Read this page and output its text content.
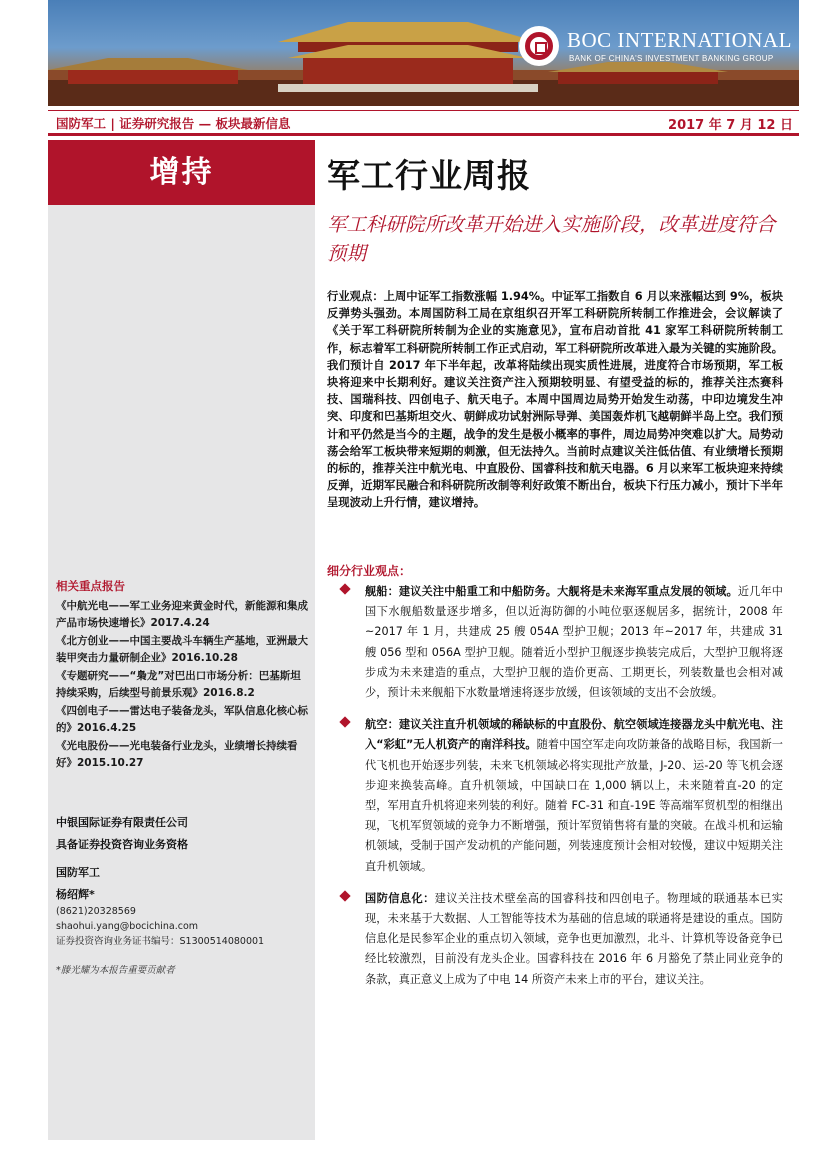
BOC INTERNATIONAL
BANK OF CHINA'S INVESTMENT BANKING GROUP
国防军工 | 证券研究报告 — 板块最新信息	2017 年 7 月 12 日
增持
相关重点报告
《中航光电——军工业务迎来黄金时代，新能源和集成产品市场快速增长》2017.4.24
《北方创业——中国主要战斗车辆生产基地，亚洲最大装甲突击力量研制企业》2016.10.28
《专题研究——“梟龙”对巴出口市场分析：巴基斯坦持续采购，后续型号前景乐观》2016.8.2
《四创电子——雷达电子装备龙头，军队信息化核心标的》2016.4.25
《光电股份——光电装备行业龙头，业绩增长持续看好》2015.10.27
中银国际证券有限责任公司
具备证券投资咨询业务资格
国防军工
杨绍辉*
(8621)20328569
shaohui.yang@bocichina.com
证券投资咨询业务证书编号：S1300514080001
*滕光耀为本报告重要贡献者
军工行业周报
军工科研院所改革开始进入实施阶段，改革进度符合预期
行业观点：上周中证军工指数涨幅 1.94%。中证军工指数自 6 月以来涨幅达到 9%，板块反弹势头强劲。本周国防科工局在京组织召开军工科研院所转制工作推进会，会议解读了《关于军工科研院所转制为企业的实施意见》，宣布启动首批 41 家军工科研院所转制工作，标志着军工科研院所转制工作正式启动，军工科研院所改革进入最为关键的实施阶段。我们预计自 2017 年下半年起，改革将陆续出现实质性进展，进度符合市场预期，军工板块将迎来中长期利好。建议关注资产注入预期较明显、有望受益的标的，推荐关注杰赛科技、国瑞科技、四创电子、航天电子。本周中国周边局势开始发生动荡，中印边境发生冲突、印度和巴基斯坦交火、朝鲜成功试射洲际导弹、美国轰炸机飞越朝鲜半岛上空。我们预计和平仍然是当今的主题，战争的发生是极小概率的事件，周边局势冲突难以扩大。局势动荡会给军工板块带来短期的刺激，但无法持久。当前时点建议关注低估值、有业绩增长预期的标的，推荐关注中航光电、中直股份、国睿科技和航天电器。6 月以来军工板块迎来持续反弹，近期军民融合和科研院所改制等利好政策不断出台，板块下行压力减小，预计下半年呈现波动上升行情，建议增持。
细分行业观点：
舰船：建议关注中船重工和中船防务。大舰将是未来海军重点发展的领域。近几年中国下水舰船数量逐步增多，但以近海防御的小吨位驱逐舰居多，据统计，2008 年~2017 年 1 月，共建成 25 艘 054A 型护卫舰；2013 年~2017 年，共建成 31 艘 056 型和 056A 型护卫舰。随着近小型护卫舰逐步换装完成后，大型护卫舰将逐步成为未来建造的重点，大型护卫舰的造价更高、工期更长，列装数量也会相对减少，预计未来舰船下水数量增速将逐步放缓，但该领域的支出不会放缓。
航空：建议关注直升机领域的稀缺标的中直股份、航空领域连接器龙头中航光电、注入“彩虹”无人机资产的南洋科技。随着中国空军走向攻防兼备的战略目标，我国新一代飞机也开始逐步列装，未来飞机领域必将实现批产放量，J-20、运-20 等飞机会逐步迎来换装高峰。直升机领域，中国缺口在 1,000 辆以上，未来随着直-20 的定型，军用直升机将迎来列装的利好。随着 FC-31 和直-19E 等高端军贸机型的相继出现，飞机军贸领域的竞争力不断增强，预计军贸销售将有量的突破。在战斗机和运输机领域，受制于国产发动机的产能问题，列装速度预计会相对较慢，建议中短期关注直升机领域。
国防信息化：建议关注技术壁垒高的国睿科技和四创电子。物理域的联通基本已实现，未来基于大数据、人工智能等技术为基础的信息域的联通将是建设的重点。国防信息化是民参军企业的重点切入领域，竞争也更加激烈，北斗、计算机等设备竞争已经比较激烈，目前没有龙头企业。国睿科技在 2016 年 6 月豁免了禁止同业竞争的条款，真正意义上成为了中电 14 所资产未来上市的平台，建议关注。
